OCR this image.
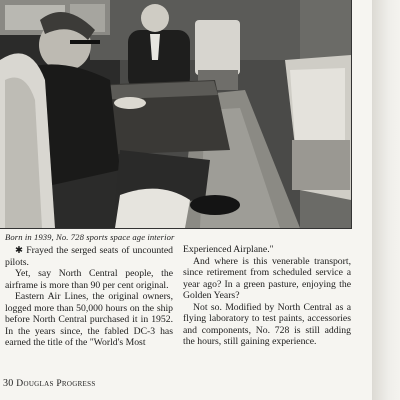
Born in 1939, No. 728 sports space age interior

✱ Frayed the serged seats of uncounted pilots.

Yet, say North Central people, the airframe is more than 90 per cent original.

Eastern Air Lines, the original owners, logged more than 50,000 hours on the ship before North Central purchased it in 1952. In the years since, the fabled DC-3 has earned the title of the "World's Most

Experienced Airplane."

And where is this venerable transport, since retirement from scheduled service a year ago? In a green pasture, enjoying the Golden Years?

Not so. Modified by North Central as a flying laboratory to test paints, accessories and components, No. 728 is still adding the hours, still gaining experience.

30 Douglas Progress
